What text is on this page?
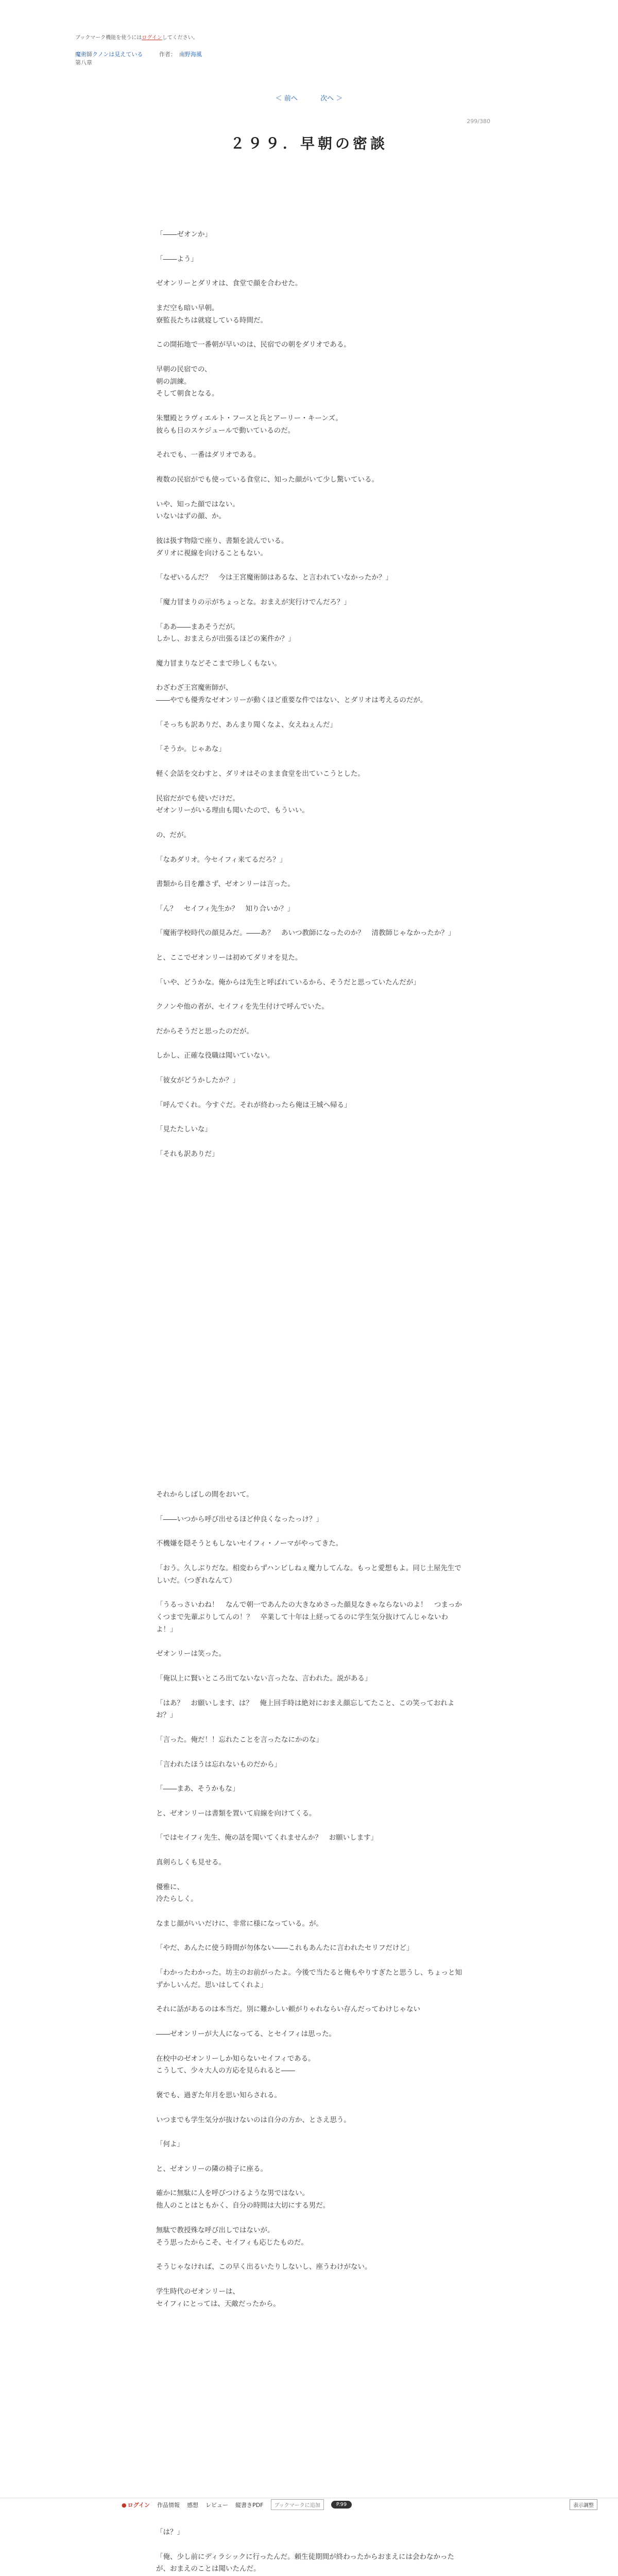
ブックマーク機能を使うにはログインしてください。
魔術師クノンは見えている	作者： 南野海風
第八章
＜ 前へ	次へ ＞
299/380
２９９．早朝の密談

「――ゼオンか」

「――よう」

ゼオンリーとダリオは、食堂で顔を合わせた。

まだ空も暗い早朝。
寮監長たちは就寝している時間だ。

この開拓地で一番朝が早いのは、民宿での朝をダリオである。

早朝の民宿での、
朝の訓練。
そして朝食となる。

朱璽殿とラヴィエルト・フースと兵とアーリー・キーンズ。
彼らも日のスケジュールで動いているのだ。

それでも、一番はダリオである。

複数の民宿がでも使っている食堂に、知った顔がいて少し驚いている。

いや、知った顔ではない。
いないはずの顔、か。

彼は扱す物陰で座り、書類を読んでいる。
ダリオに視線を向けることもない。

「なぜいるんだ？　今は王宮魔術師はあるな、と言われていなかったか？」

「魔力冒まりの示がちょっとな。おまえが実行けでんだろ？」

「ああ――まあそうだが。
しかし、おまえらが出張るほどの案件か？」

魔力冒まりなどそこまで珍しくもない。

わざわざ王宮魔術師が、
――やでも優秀なゼオンリーが動くほど重要な件ではない、とダリオは考えるのだが。

「そっちも訳ありだ、あんまり聞くなよ、女えねぇんだ」

「そうか。じゃあな」

軽く会話を交わすと、ダリオはそのまま食堂を出ていこうとした。

民宿だがでも使いだけだ。
ゼオンリーがいる理由も聞いたので、もういい。

の、だが。

「なあダリオ。今セイフィ来てるだろ？」

書類から目を離さず、ゼオンリーは言った。

「ん？　セイフィ先生か？　知り合いか？」

「魔術学校時代の顔見みだ。――あ？　あいつ教師になったのか？　清教師じゃなかったか？」

と、ここでゼオンリーは初めてダリオを見た。

「いや、どうかな。俺からは先生と呼ばれているから、そうだと思っていたんだが」

クノンや他の者が、セイフィを先生付けで呼んでいた。

だからそうだと思ったのだが。

しかし、正確な役職は聞いていない。

「彼女がどうかしたか？」

「呼んでくれ。今すぐだ。それが終わったら俺は王城へ帰る」

「見たたしいな」

「それも訳ありだ」

それからしばしの間をおいて。

「――いつから呼び出せるほど仲良くなったっけ？」

不機嫌を隠そうともしないセイフィ・ノーマがやってきた。

「おう。久しぶりだな。相変わらずハンピしねぇ魔力してんな。もっと愛想もよ。同じ土屋先生でしいだ。（つぎれなんて）

「うるっさいわね！　なんで朝一であんたの大きなめさった顔見なきゃならないのよ！　つまっかくつまで先輩ぶりしてんの！？　卒業して十年は上経ってるのに学生気分抜けてんじゃないわよ！」

ゼオンリーは笑った。

「俺以上に賢いところ出てないない言ったな、言われた。説がある」

「はあ？　お願いします、は？　俺上回手時は絶対におまえ顔忘してたこと、この笑っておれよお？」

「言った。俺だ！！忘れたことを言ったなにかのな」

「言われたほうは忘れないものだから」

「――まあ、そうかもな」

と、ゼオンリーは書類を置いて肩線を向けてくる。

「ではセイフィ先生、俺の話を聞いてくれませんか？　お願いします」

真剣らしくも見せる。

優雅に、
冷たらしく。

なまじ顔がいいだけに、非常に様になっている。が。

「やだ、あんたに使う時間が勿体ない――これもあんたに言われたセリフだけど」

「わかったわかった。坊主のお前がったよ。今後で当たると俺もやりすぎたと思うし、ちょっと知ずかしいんだ。思いはしてくれよ」

それに話があるのは本当だ。別に難かしい頼がりゃれならい存んだってわけじゃない

――ゼオンリーが大人になってる、とセイフィは思った。

在校中のゼオンリーしか知らないセイフィである。
こうして、少々大人の方応を見られると――

褒でも、過ぎた年月を思い知らされる。

いつまでも学生気分が抜けないのは自分の方か、とさえ思う。

「何よ」

と、ゼオンリーの隣の椅子に座る。

確かに無駄に人を呼びつけるような男ではない。
他人のことはともかく、自分の時間は大切にする男だ。

無駄で教授殊な呼び出しではないが。
そう思ったからこそ、セイフィも応じたものだ。

そうじゃなければ、この早く出るいたりしないし、座うわけがない。

学生時代のゼオンリーは、
セイフィにとっては、天敵だったから。

● ログイン 作品情報 感想 レビュー 縦書きPDF	ブックマークに追加	P.99	表示調整

「は？」

「俺、少し前にディラシックに行ったんだ。頼生徒期間が終わったからおまえには会わなかったが、おまえのことは聞いたんだ。
